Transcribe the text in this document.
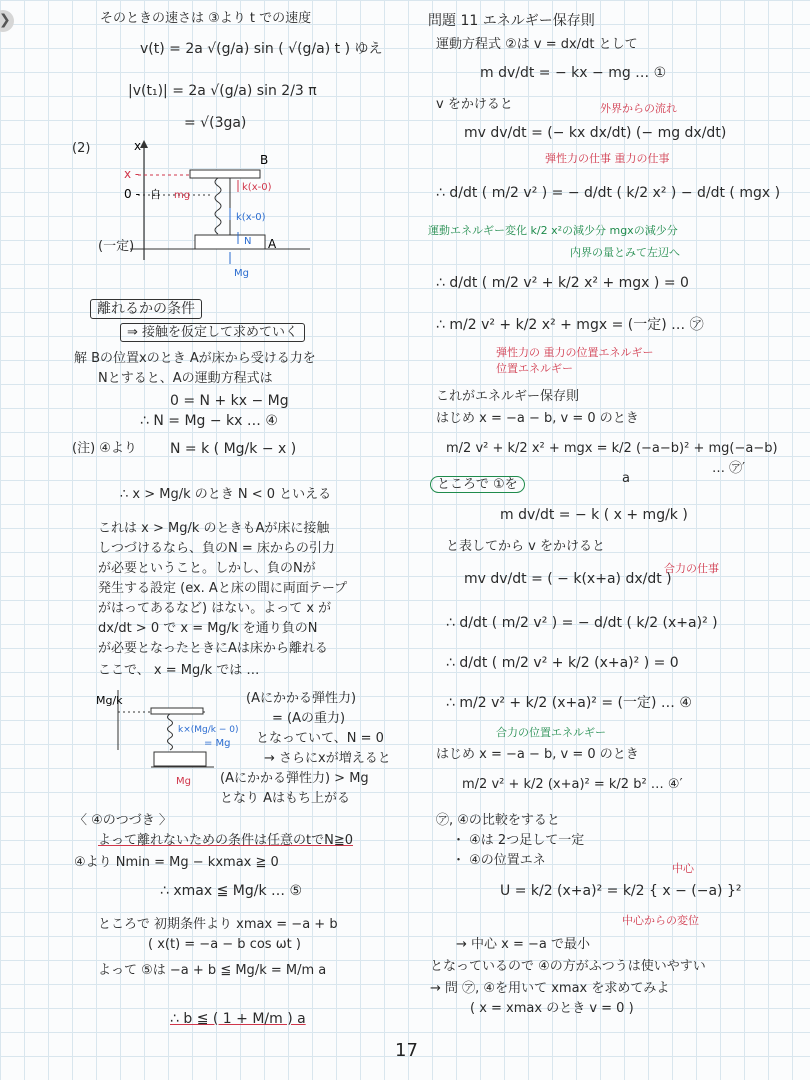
❯
そのときの速さは ③より t での速度
v(t) = 2a √(g/a) sin ( √(g/a) t ) ゆえ
|v(t₁)| = 2a √(g/a) sin 2/3 π
= √(3ga)
(2)	x
x -
0 - 自 mg
k(x-0)
k(x-0)
B
A
N
Mg
(一定)
離れるかの条件
⇒ 接触を仮定して求めていく
解 Bの位置xのとき Aが床から受ける力を
Nとすると、Aの運動方程式は
0 = N + kx − Mg
∴ N = Mg − kx … ④
(注) ④より N = k ( Mg/k − x )
∴ x > Mg/k のとき N < 0 といえる
これは x > Mg/k のときもAが床に接触
しつづけるなら、負のN = 床からの引力
が必要ということ。しかし、負のNが
発生する設定 (ex. Aと床の間に両面テープ
がはってあるなど) はない。よって x が
dx/dt > 0 で x = Mg/k を通り負のN
が必要となったときにAは床から離れる
ここで、 x = Mg/k では …
Mg/k
k×(Mg/k − 0)
= Mg
Mg
(Aにかかる弾性力)
= (Aの重力)
となっていて、N = 0
→ さらにxが増えると
(Aにかかる弾性力) > Mg
となり Aはもち上がる
〈 ④のつづき 〉
よって離れないための条件は任意のtでN≧0
④より Nmin = Mg − kxmax ≧ 0
∴ xmax ≦ Mg/k … ⑤
ところで 初期条件より xmax = −a + b
( x(t) = −a − b cos ωt )
よって ⑤は −a + b ≦ Mg/k = M/m a
∴ b ≦ ( 1 + M/m ) a
問題 11 エネルギー保存則
運動方程式 ②は v = dx/dt として
m dv/dt = − kx − mg … ①
v をかけると	外界からの流れ
mv dv/dt = (− kx dx/dt) (− mg dx/dt)
弾性力の仕事 重力の仕事
∴ d/dt ( m/2 v² ) = − d/dt ( k/2 x² ) − d/dt ( mgx )
運動エネルギー変化 k/2 x²の減少分 mgxの減少分
内界の量とみて左辺へ
∴ d/dt ( m/2 v² + k/2 x² + mgx ) = 0
∴ m/2 v² + k/2 x² + mgx = (一定) … ㋐
弾性力の 重力の位置エネルギー
位置エネルギー
これがエネルギー保存則
はじめ x = −a − b, v = 0 のとき
m/2 v² + k/2 x² + mgx = k/2 (−a−b)² + mg(−a−b)
… ㋐′
a
ところで ①を
m dv/dt = − k ( x + mg/k )
と表してから v をかけると
合力の仕事
mv dv/dt = ( − k(x+a) dx/dt )
∴ d/dt ( m/2 v² ) = − d/dt ( k/2 (x+a)² )
∴ d/dt ( m/2 v² + k/2 (x+a)² ) = 0
∴ m/2 v² + k/2 (x+a)² = (一定) … ④
合力の位置エネルギー
はじめ x = −a − b, v = 0 のとき
m/2 v² + k/2 (x+a)² = k/2 b² … ④′
㋐, ④の比較をすると
・ ④は 2つ足して一定
・ ④の位置エネ
中心
U = k/2 (x+a)² = k/2 { x − (−a) }²
中心からの変位
→ 中心 x = −a で最小
となっているので ④の方がふつうは使いやすい
→ 問 ㋐, ④を用いて xmax を求めてみよ
( x = xmax のとき v = 0 )
17
